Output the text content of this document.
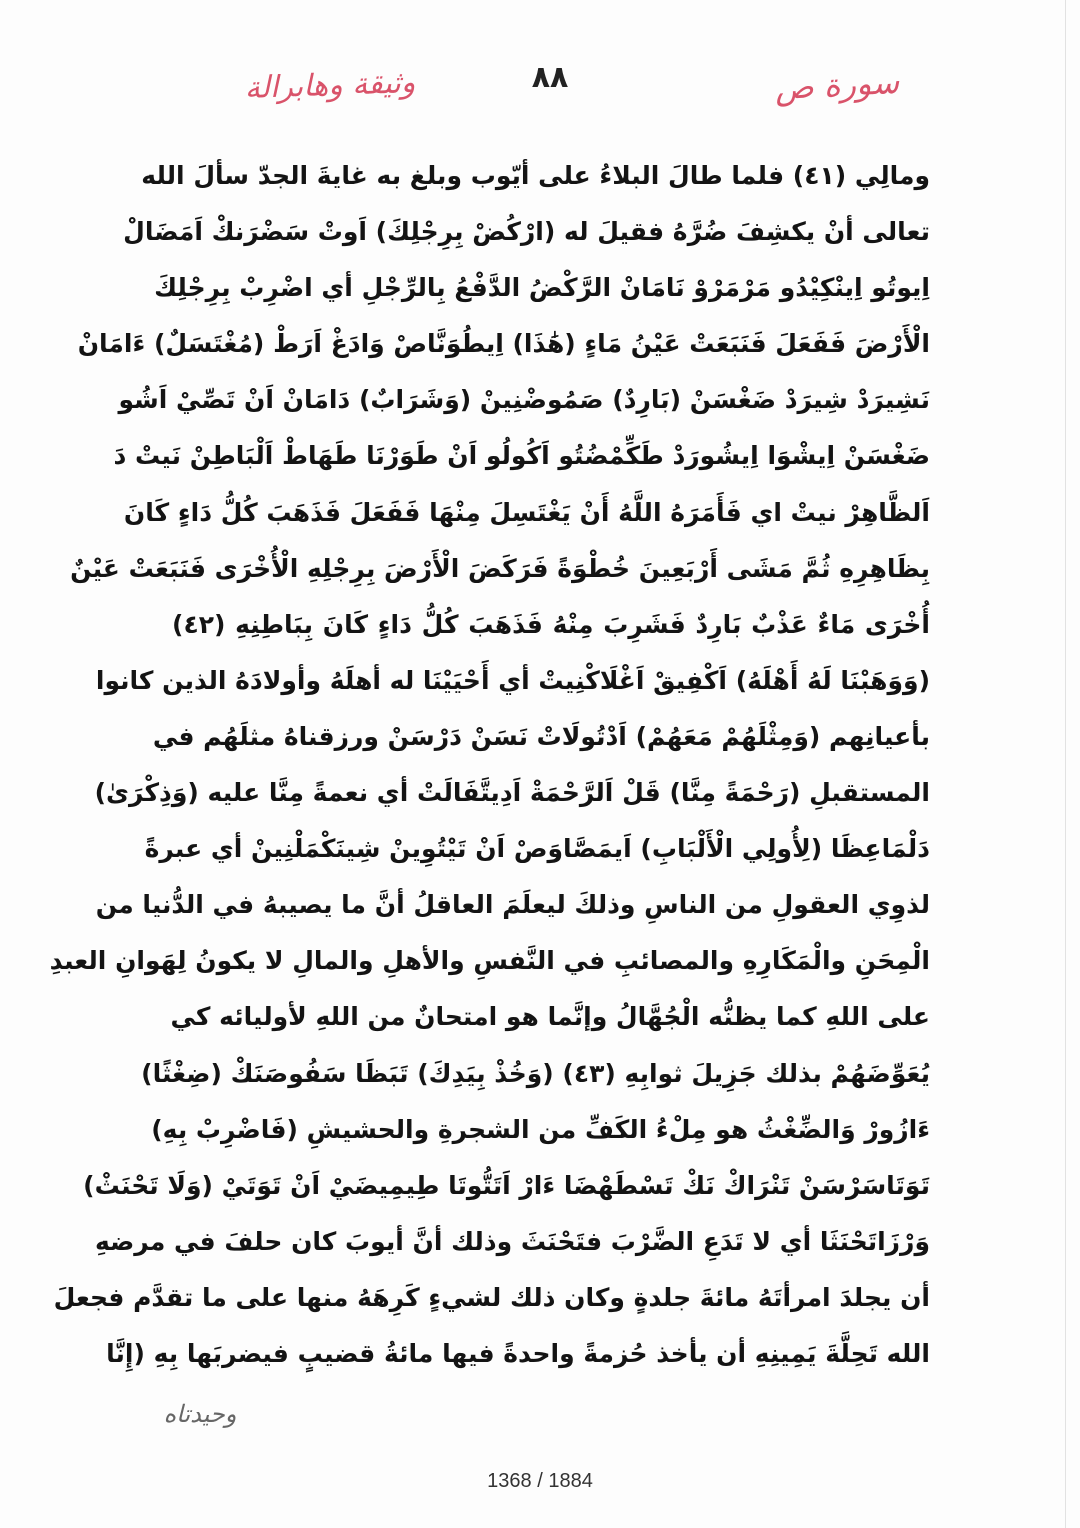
وثيقة وهابرالة	٨٨	سورة ص
ومالِي (٤١) فلما طالَ البلاءُ على أيّوب وبلغ به غايةَ الجدّ سألَ الله
تعالى أنْ يكشِفَ ضُرَّهُ فقيلَ له (ارْكُضْ بِرِجْلِكَ) اَوتْ سَضْرَنكْ اَمَضَالْ
اِيوتُو اِينْكِيْدُو مَرْمَرْوْ نَامَانْ الرَّكْضُ الدَّفْعُ بِالرِّجْلِ أي اضْرِبْ بِرِجْلِكَ
الْأَرْضَ فَفَعَلَ فَنَبَعَتْ عَيْنُ مَاءٍ (هَٰذَا) اِيطُوَنَّاصْ وَادَغْ اَرَطْ (مُغْتَسَلٌ) ءَامَانْ
نَشِيرَدْ شِيرَدْ ضَغْسَنْ (بَارِدٌ) صَمُوضْنِينْ (وَشَرَابٌ) دَامَانْ اَنْ تَصِّيْ اَشُو
ضَغْسَنْ اِيشْوَا اِيشُورَدْ طَكِّمْضُتُو اَكُولُو اَنْ طَوَرْنَا طَهَاطْ اَلْبَاطِنْ نَيتْ دَ
اَلظَّاهِرْ نيتْ اي فَأَمَرَهُ اللَّهُ أَنْ يَغْتَسِلَ مِنْهَا فَفَعَلَ فَذَهَبَ كُلُّ دَاءٍ كَانَ
بِظَاهِرِهِ ثُمَّ مَشَى أَرْبَعِينَ خُطْوَةً فَرَكَضَ الْأَرْضَ بِرِجْلِهِ الْأُخْرَى فَنَبَعَتْ عَيْنٌ
أُخْرَى مَاءٌ عَذْبٌ بَارِدٌ فَشَرِبَ مِنْهُ فَذَهَبَ كُلُّ دَاءٍ كَانَ بِبَاطِنِهِ (٤٢)
(وَوَهَبْنَا لَهُ أَهْلَهُ) اَكْفِيقْ اَغْلَاكْنِيتْ أي أَحْيَيْنَا له أهلَهُ وأولادَهُ الذين كانوا
بأعيانِهم (وَمِثْلَهُمْ مَعَهُمْ) اَدْتُولَاتْ نَسَنْ دَرْسَنْ ورزقناهُ مثلَهُم في
المستقبلِ (رَحْمَةً مِنَّا) قَلْ اَلرَّحْمَةْ اَدِيتَّفَالَتْ أي نعمةً مِنَّا عليه (وَذِكْرَىٰ)
دَلْمَاعِظَا (لِأُولِي الْأَلْبَابِ) اَيمَصَّاوَصْ اَنْ تَيْتُوِينْ شِينَكْمَلْنِينْ أي عبرةً
لذوِي العقولِ من الناسِ وذلكَ ليعلَمَ العاقلُ أنَّ ما يصيبهُ في الدُّنيا من
الْمِحَنِ والْمَكَارِهِ والمصائبِ في النَّفسِ والأهلِ والمالِ لا يكونُ لِهَوانِ العبدِ
على اللهِ كما يظنُّه الْجُهَّالُ وإنَّما هو امتحانٌ من اللهِ لأوليائه كي
يُعَوِّضَهُمْ بذلك جَزِيلَ ثوابِهِ (٤٣) (وَخُذْ بِيَدِكَ) تَبَظَا سَفُوصَنَكْ (ضِغْثًا)
ءَازُورْ وَالضِّغْثُ هو مِلْءُ الكَفِّ من الشجرةِ والحشيشِ (فَاضْرِبْ بِهِ)
تَوَتَاسَرْسَنْ تَنْرَاكْ نَكْ تَسْطَهْضَا ءَارْ اَتَتُّوتَا طِيمِيضَيْ اَنْ تَوَتَيْ (وَلَا تَحْنَثْ)
وَرْزَاتَحْنَثَا أي لا تَدَعِ الضَّرْبَ فتَحْنَثَ وذلك أنَّ أيوبَ كان حلفَ في مرضهِ
أن يجلدَ امرأتَهُ مائةَ جلدةٍ وكان ذلك لشيءٍ كَرِهَهُ منها على ما تقدَّم فجعلَ
الله تَحِلَّةَ يَمِينِهِ أن يأخذ حُزمةً واحدةً فيها مائةُ قضيبٍ فيضربَها بِهِ (إِنَّا
وحيدتاه
1368 / 1884
